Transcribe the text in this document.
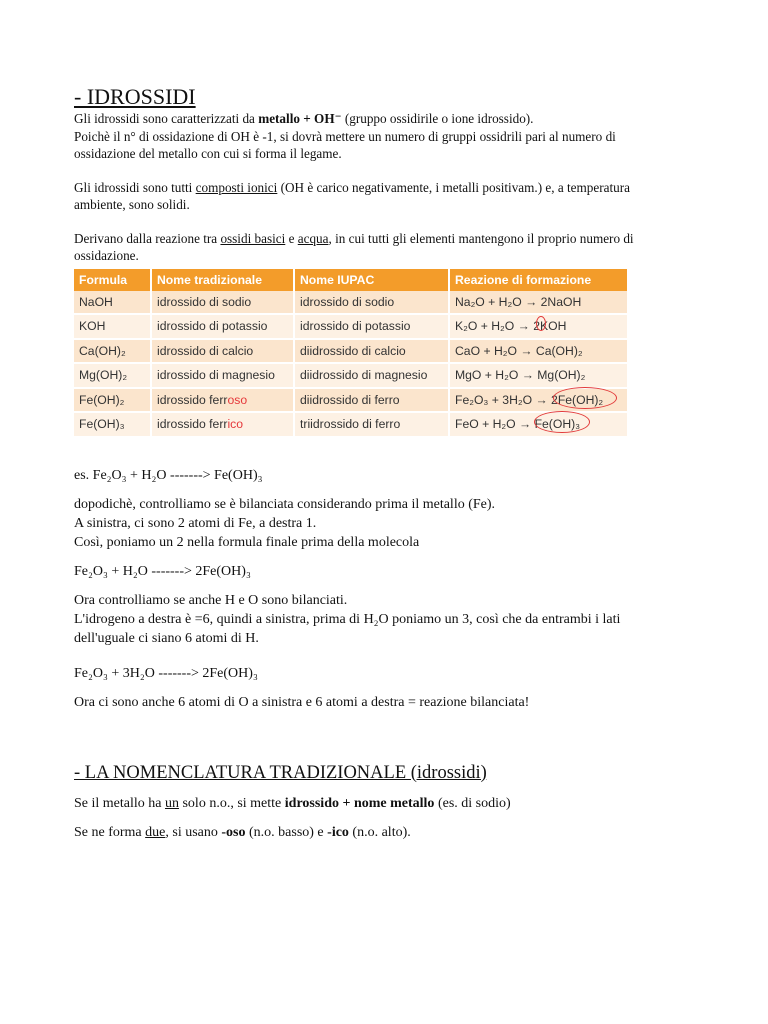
- IDROSSIDI

Gli idrossidi sono caratterizzati da metallo + OH⁻ (gruppo ossidirile o ione idrossido).

Poichè il n° di ossidazione di OH è -1, si dovrà mettere un numero di gruppi ossidrili pari al numero di

ossidazione del metallo con cui si forma il legame.

Gli idrossidi sono tutti composti ionici (OH è carico negativamente, i metalli positivam.) e, a temperatura

ambiente, sono solidi.

Derivano dalla reazione tra ossidi basici e acqua, in cui tutti gli elementi mantengono il proprio numero di

ossidazione.

Formula	Nome tradizionale	Nome IUPAC	Reazione di formazione
NaOH	idrossido di sodio	idrossido di sodio	Na₂O + H₂O → 2NaOH
KOH	idrossido di potassio	idrossido di potassio	K₂O + H₂O → 2KOH

Ca(OH)₂	idrossido di calcio	diidrossido di calcio	CaO + H₂O → Ca(OH)₂
Mg(OH)₂	idrossido di magnesio	diidrossido di magnesio	MgO + H₂O → Mg(OH)₂
Fe(OH)₂	idrossido ferroso	diidrossido di ferro	Fe₂O₃ + 3H₂O → 2Fe(OH)₂

Fe(OH)₃	idrossido ferrico	triidrossido di ferro	FeO + H₂O → Fe(OH)₃

es. Fe₂O₃ + H₂O -------> Fe(OH)₃

dopodichè, controlliamo se è bilanciata considerando prima il metallo (Fe).

A sinistra, ci sono 2 atomi di Fe, a destra 1.

Così, poniamo un 2 nella formula finale prima della molecola

Fe₂O₃ + H₂O -------> 2Fe(OH)₃

Ora controlliamo se anche H e O sono bilanciati.

L'idrogeno a destra è =6, quindi a sinistra, prima di H₂O poniamo un 3, così che da entrambi i lati

dell'uguale ci siano 6 atomi di H.

Fe₂O₃ + 3H₂O -------> 2Fe(OH)₃

Ora ci sono anche 6 atomi di O a sinistra e 6 atomi a destra = reazione bilanciata!

- LA NOMENCLATURA TRADIZIONALE (idrossidi)

Se il metallo ha un solo n.o., si mette idrossido + nome metallo (es. di sodio)

Se ne forma due, si usano -oso (n.o. basso) e -ico (n.o. alto).
